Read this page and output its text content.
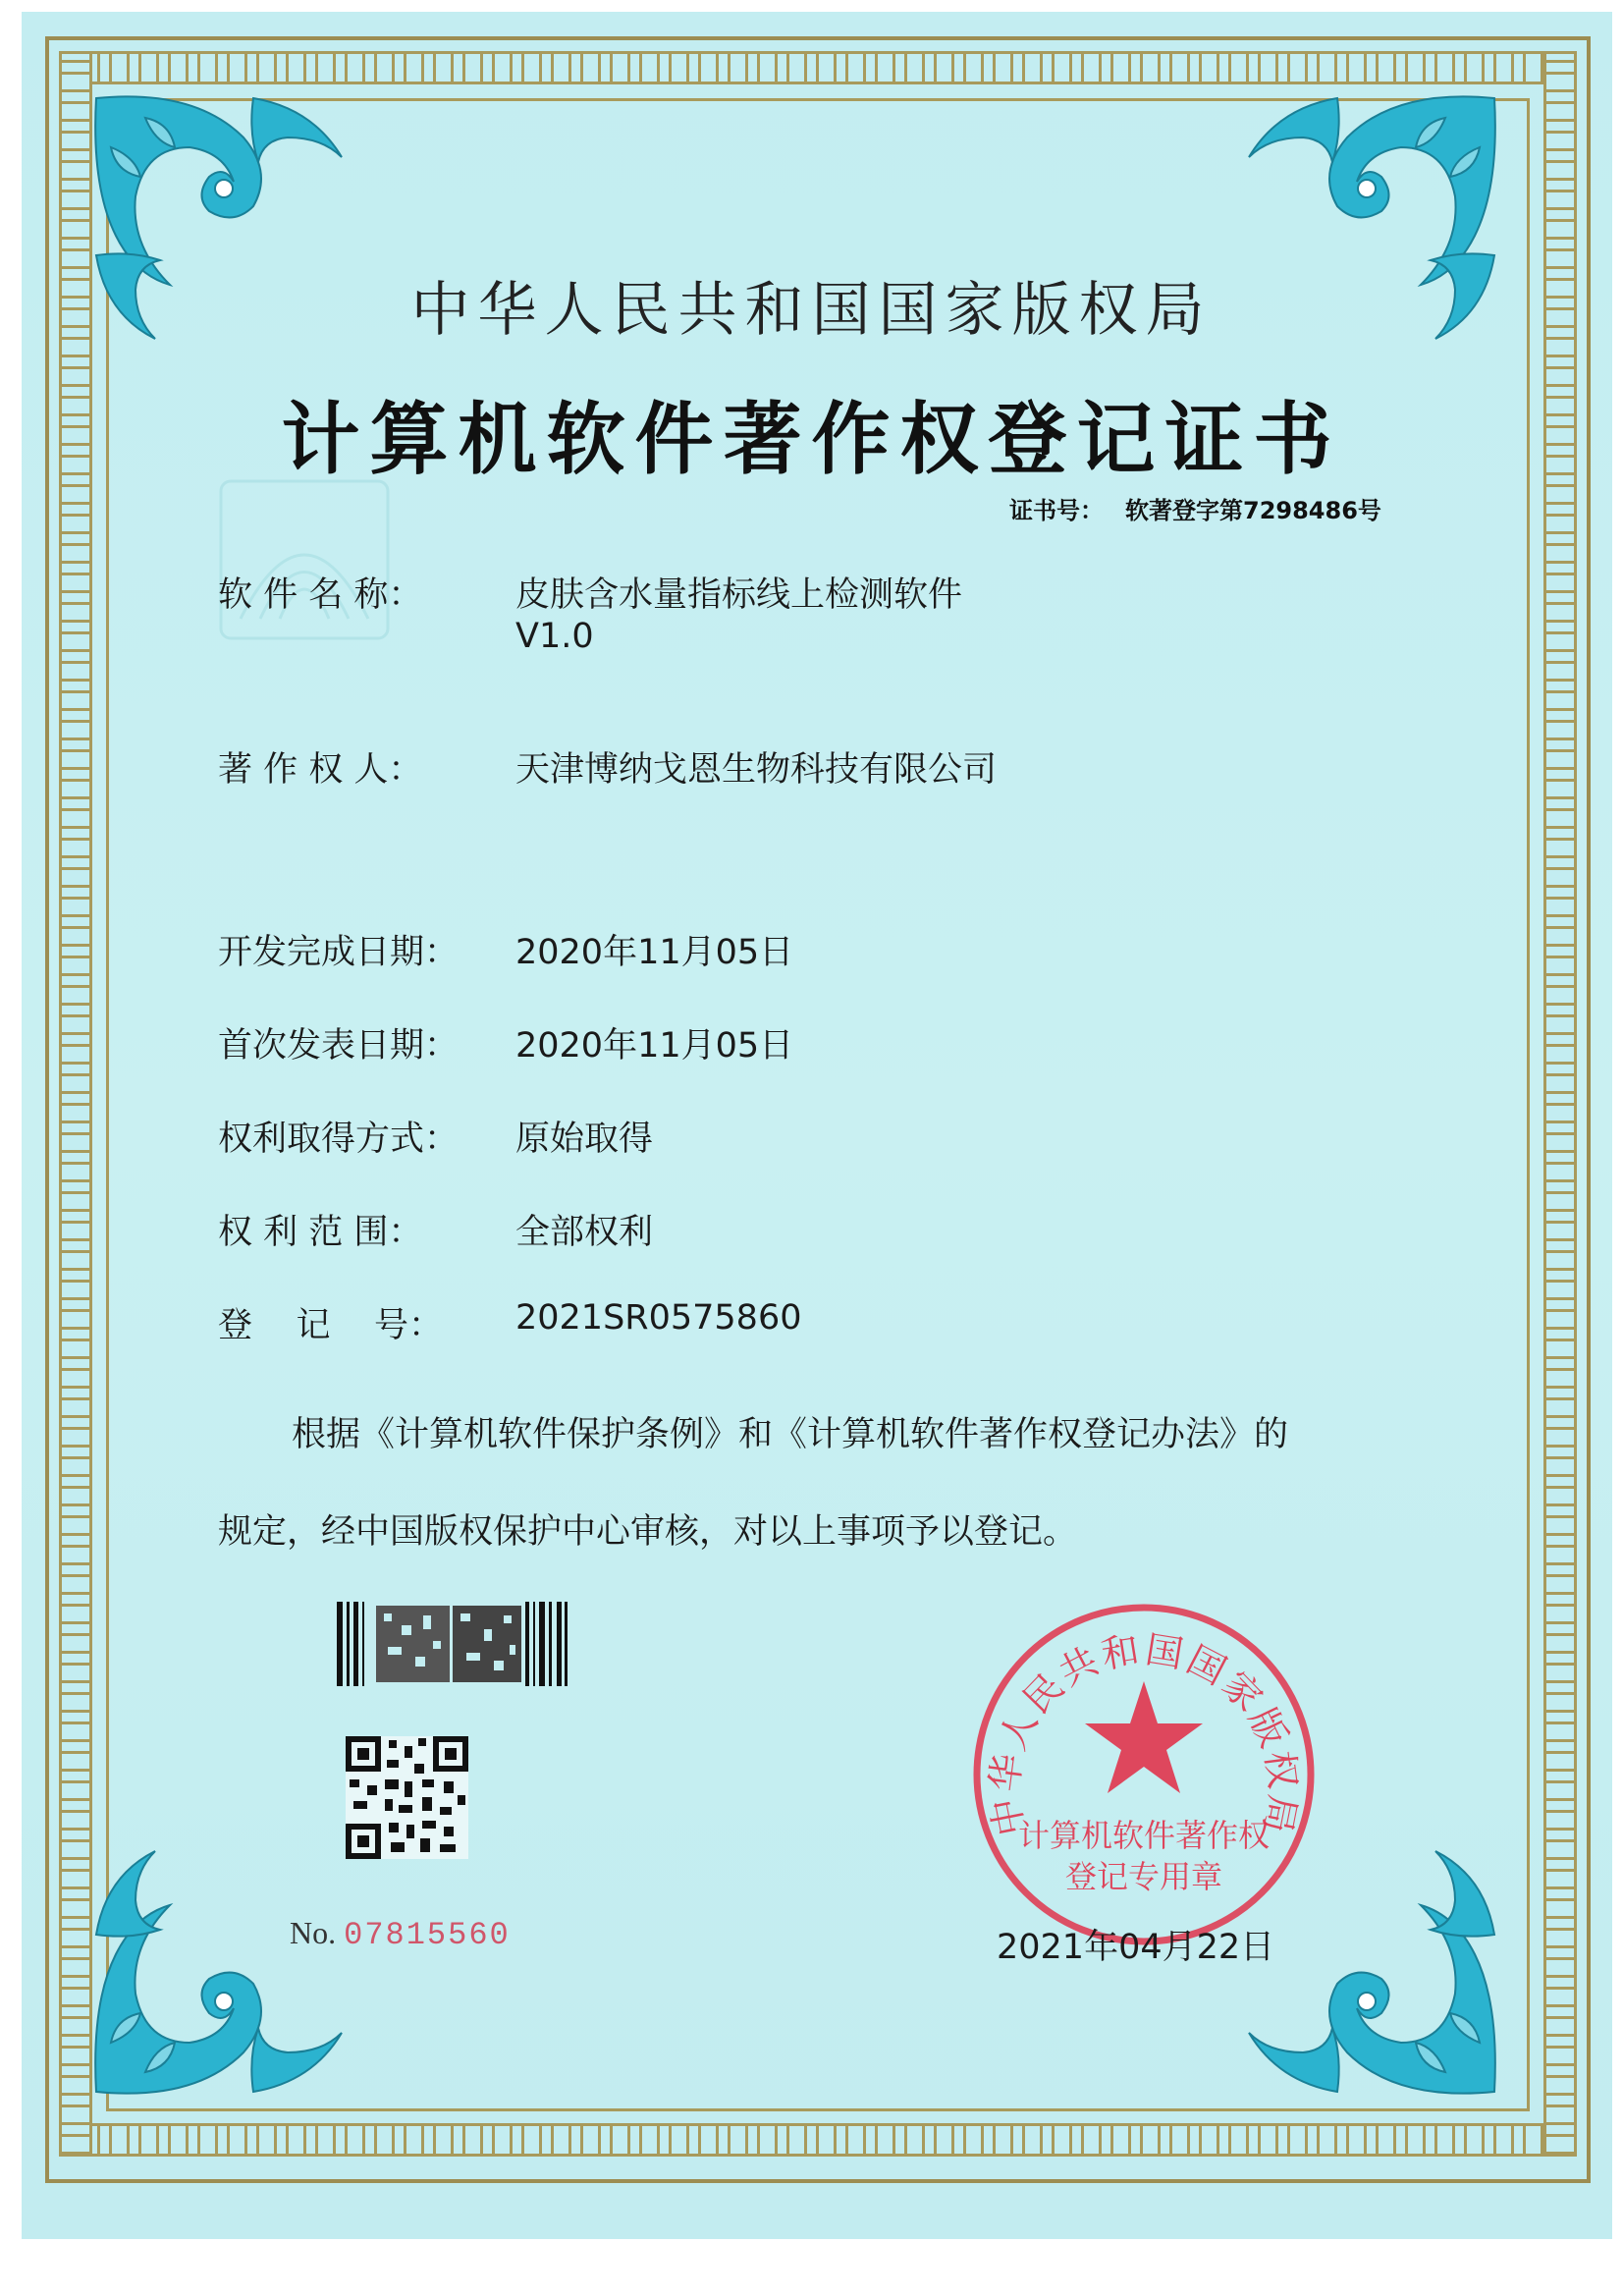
中华人民共和国国家版权局
计算机软件著作权登记证书
证书号： 软著登字第7298486号
软 件 名 称：	皮肤含水量指标线上检测软件
V1.0
著 作 权 人：	天津博纳戈恩生物科技有限公司
开发完成日期： 2020年11月05日
首次发表日期： 2020年11月05日
权利取得方式： 原始取得
权 利 范 围：	全部权利
登    记    号： 2021SR0575860
根据《计算机软件保护条例》和《计算机软件著作权登记办法》的
规定，经中国版权保护中心审核，对以上事项予以登记。
No. 07815560
中华人民共和国国家版权局
计算机软件著作权
登记专用章
2021年04月22日
